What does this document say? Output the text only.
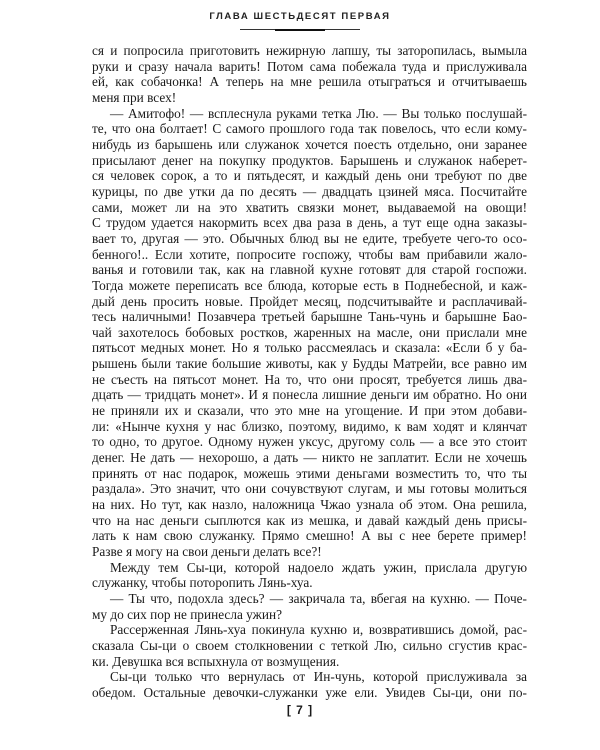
ГЛАВА ШЕСТЬДЕСЯТ ПЕРВАЯ
ся и попросила приготовить нежирную лапшу, ты заторопилась, вымыла
руки и сразу начала варить! Потом сама побежала туда и прислуживала
ей, как собачонка! А теперь на мне решила отыграться и отчитываешь
меня при всех!
— Амитофо! — всплеснула руками тетка Лю. — Вы только послушай-
те, что она болтает! С самого прошлого года так повелось, что если кому-
нибудь из барышень или служанок хочется поесть отдельно, они заранее
присылают денег на покупку продуктов. Барышень и служанок наберет-
ся человек сорок, а то и пятьдесят, и каждый день они требуют по две
курицы, по две утки да по десять — двадцать цзиней мяса. Посчитайте
сами, может ли на это хватить связки монет, выдаваемой на овощи!
С трудом удается накормить всех два раза в день, а тут еще одна заказы-
вает то, другая — это. Обычных блюд вы не едите, требуете чего-то осо-
бенного!.. Если хотите, попросите госпожу, чтобы вам прибавили жало-
ванья и готовили так, как на главной кухне готовят для старой госпожи.
Тогда можете переписать все блюда, которые есть в Поднебесной, и каж-
дый день просить новые. Пройдет месяц, подсчитывайте и расплачивай-
тесь наличными! Позавчера третьей барышне Тань-чунь и барышне Бао-
чай захотелось бобовых ростков, жаренных на масле, они прислали мне
пятьсот медных монет. Но я только рассмеялась и сказала: «Если б у ба-
рышень были такие большие животы, как у Будды Матрейи, все равно им
не съесть на пятьсот монет. На то, что они просят, требуется лишь два-
дцать — тридцать монет». И я понесла лишние деньги им обратно. Но они
не приняли их и сказали, что это мне на угощение. И при этом добави-
ли: «Нынче кухня у нас близко, поэтому, видимо, к вам ходят и клянчат
то одно, то другое. Одному нужен уксус, другому соль — а все это стоит
денег. Не дать — нехорошо, а дать — никто не заплатит. Если не хочешь
принять от нас подарок, можешь этими деньгами возместить то, что ты
раздала». Это значит, что они сочувствуют слугам, и мы готовы молиться
на них. Но тут, как назло, наложница Чжао узнала об этом. Она решила,
что на нас деньги сыплются как из мешка, и давай каждый день присы-
лать к нам свою служанку. Прямо смешно! А вы с нее берете пример!
Разве я могу на свои деньги делать все?!
Между тем Сы-ци, которой надоело ждать ужин, прислала другую
служанку, чтобы поторопить Лянь-хуа.
— Ты что, подохла здесь? — закричала та, вбегая на кухню. — Поче-
му до сих пор не принесла ужин?
Рассерженная Лянь-хуа покинула кухню и, возвратившись домой, рас-
сказала Сы-ци о своем столкновении с теткой Лю, сильно сгустив крас-
ки. Девушка вся вспыхнула от возмущения.
Сы-ци только что вернулась от Ин-чунь, которой прислуживала за
обедом. Остальные девочки-служанки уже ели. Увидев Сы-ци, они по-
[ 7 ]
